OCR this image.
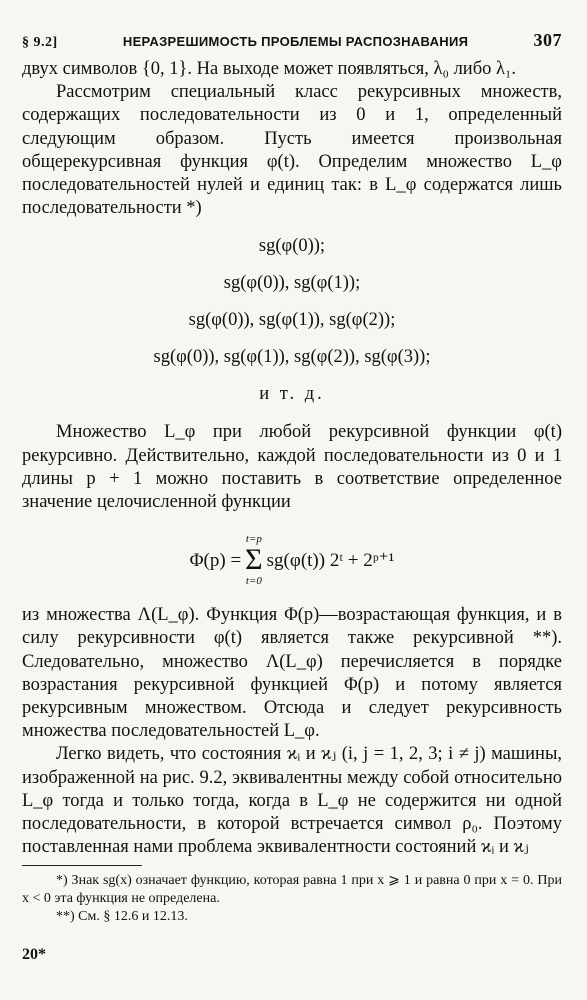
§ 9.2]	НЕРАЗРЕШИМОСТЬ ПРОБЛЕМЫ РАСПОЗНАВАНИЯ	307

двух символов {0, 1}. На выходе может появляться, λ₀ либо λ₁.

Рассмотрим специальный класс рекурсивных множеств, содержащих последовательности из 0 и 1, определенный следующим образом. Пусть имеется произвольная общерекурсивная функция φ(t). Определим множество L_φ последовательностей нулей и единиц так: в L_φ содержатся лишь последовательности *)

sg(φ(0));
sg(φ(0)), sg(φ(1));
sg(φ(0)), sg(φ(1)), sg(φ(2));
sg(φ(0)), sg(φ(1)), sg(φ(2)), sg(φ(3));
и т. д.

Множество L_φ при любой рекурсивной функции φ(t) рекурсивно. Действительно, каждой последовательности из 0 и 1 длины p + 1 можно поставить в соответствие определенное значение целочисленной функции

Φ(p) =
t=p
Σ
t=0
sg(φ(t)) 2ᵗ + 2ᵖ⁺¹

из множества Λ(L_φ). Функция Φ(p)—возрастающая функция, и в силу рекурсивности φ(t) является также рекурсивной **). Следовательно, множество Λ(L_φ) перечисляется в порядке возрастания рекурсивной функцией Φ(p) и потому является рекурсивным множеством. Отсюда и следует рекурсивность множества последовательностей L_φ.

Легко видеть, что состояния ϰᵢ и ϰⱼ (i, j = 1, 2, 3; i ≠ j) машины, изображенной на рис. 9.2, эквивалентны между собой относительно L_φ тогда и только тогда, когда в L_φ не содержится ни одной последовательности, в которой встречается символ ρ₀. Поэтому поставленная нами проблема эквивалентности состояний ϰᵢ и ϰⱼ

*) Знак sg(x) означает функцию, которая равна 1 при x ⩾ 1 и равна 0 при x = 0. При x < 0 эта функция не определена.

**) См. § 12.6 и 12.13.

20*
